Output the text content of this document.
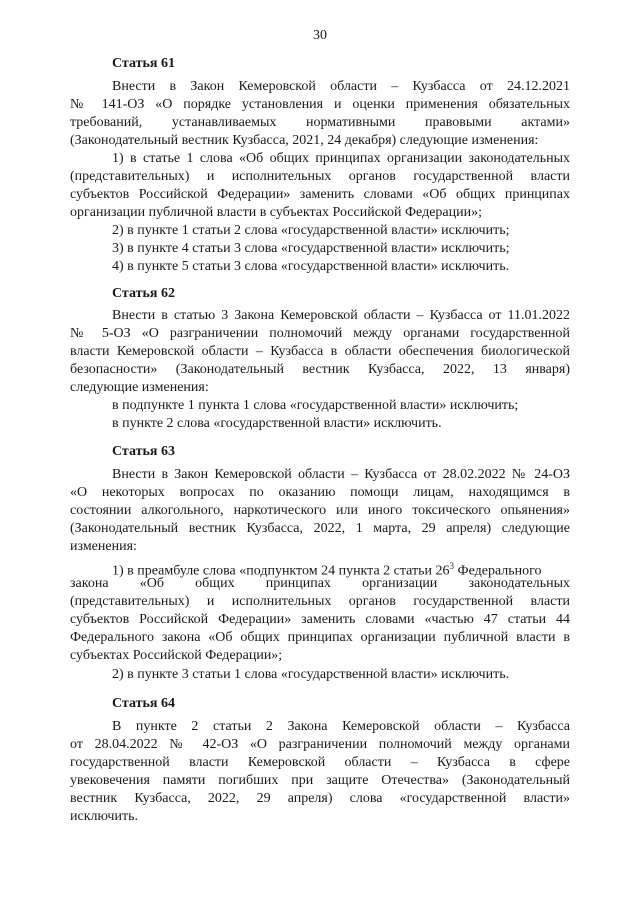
30
Статья 61
Внести в Закон Кемеровской области – Кузбасса от 24.12.2021
№ 141-ОЗ «О порядке установления и оценки применения обязательных
требований, устанавливаемых нормативными правовыми актами»
(Законодательный вестник Кузбасса, 2021, 24 декабря) следующие изменения:
1) в статье 1 слова «Об общих принципах организации законодательных
(представительных) и исполнительных органов государственной власти
субъектов Российской Федерации» заменить словами «Об общих принципах
организации публичной власти в субъектах Российской Федерации»;
2) в пункте 1 статьи 2 слова «государственной власти» исключить;
3) в пункте 4 статьи 3 слова «государственной власти» исключить;
4) в пункте 5 статьи 3 слова «государственной власти» исключить.
Статья 62
Внести в статью 3 Закона Кемеровской области – Кузбасса от 11.01.2022
№ 5-ОЗ «О разграничении полномочий между органами государственной
власти Кемеровской области – Кузбасса в области обеспечения биологической
безопасности» (Законодательный вестник Кузбасса, 2022, 13 января)
следующие изменения:
в подпункте 1 пункта 1 слова «государственной власти» исключить;
в пункте 2 слова «государственной власти» исключить.
Статья 63
Внести в Закон Кемеровской области – Кузбасса от 28.02.2022 № 24-ОЗ
«О некоторых вопросах по оказанию помощи лицам, находящимся в
состоянии алкогольного, наркотического или иного токсического опьянения»
(Законодательный вестник Кузбасса, 2022, 1 марта, 29 апреля) следующие
изменения:
1) в преамбуле слова «подпунктом 24 пункта 2 статьи $26^3$ Федерального
закона «Об общих принципах организации законодательных
(представительных) и исполнительных органов государственной власти
субъектов Российской Федерации» заменить словами «частью 47 статьи 44
Федерального закона «Об общих принципах организации публичной власти в
субъектах Российской Федерации»;
2) в пункте 3 статьи 1 слова «государственной власти» исключить.
Статья 64
В пункте 2 статьи 2 Закона Кемеровской области – Кузбасса
от 28.04.2022 № 42-ОЗ «О разграничении полномочий между органами
государственной власти Кемеровской области – Кузбасса в сфере
увековечения памяти погибших при защите Отечества» (Законодательный
вестник Кузбасса, 2022, 29 апреля) слова «государственной власти»
исключить.
